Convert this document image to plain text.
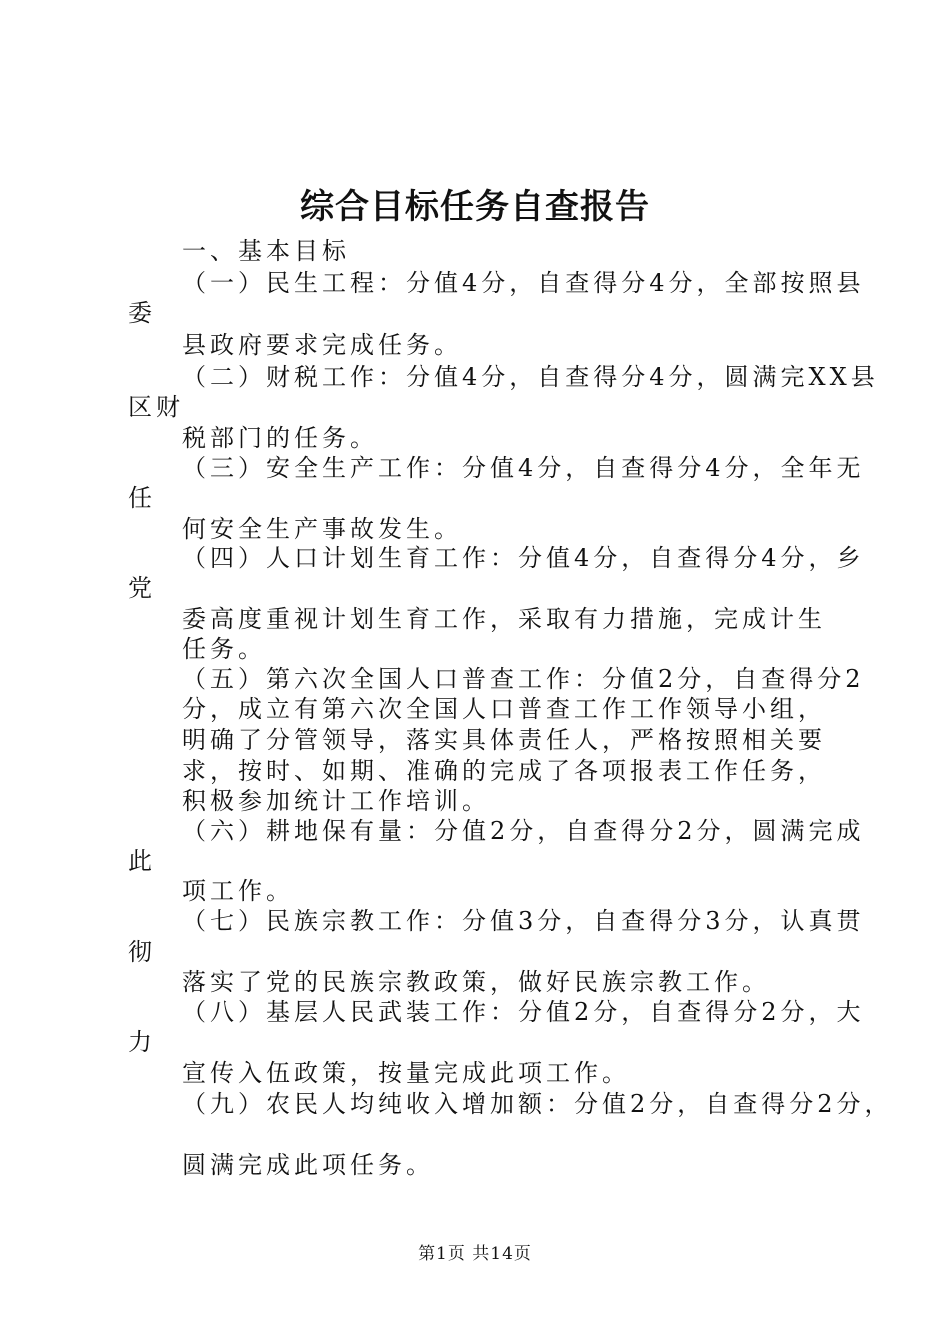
综合目标任务自查报告
一、基本目标
（一）民生工程：分值4分，自查得分4分，全部按照县
委
县政府要求完成任务。
（二）财税工作：分值4分，自查得分4分，圆满完XX县
区财
税部门的任务。
（三）安全生产工作：分值4分，自查得分4分，全年无
任
何安全生产事故发生。
（四）人口计划生育工作：分值4分，自查得分4分，乡
党
委高度重视计划生育工作，采取有力措施，完成计生
任务。
（五）第六次全国人口普查工作：分值2分，自查得分2
分，成立有第六次全国人口普查工作工作领导小组，
明确了分管领导，落实具体责任人，严格按照相关要
求，按时、如期、准确的完成了各项报表工作任务，
积极参加统计工作培训。
（六）耕地保有量：分值2分，自查得分2分，圆满完成
此
项工作。
（七）民族宗教工作：分值3分，自查得分3分，认真贯
彻
落实了党的民族宗教政策，做好民族宗教工作。
（八）基层人民武装工作：分值2分，自查得分2分，大
力
宣传入伍政策，按量完成此项工作。
（九）农民人均纯收入增加额：分值2分，自查得分2分，
圆满完成此项任务。
第1页 共14页
